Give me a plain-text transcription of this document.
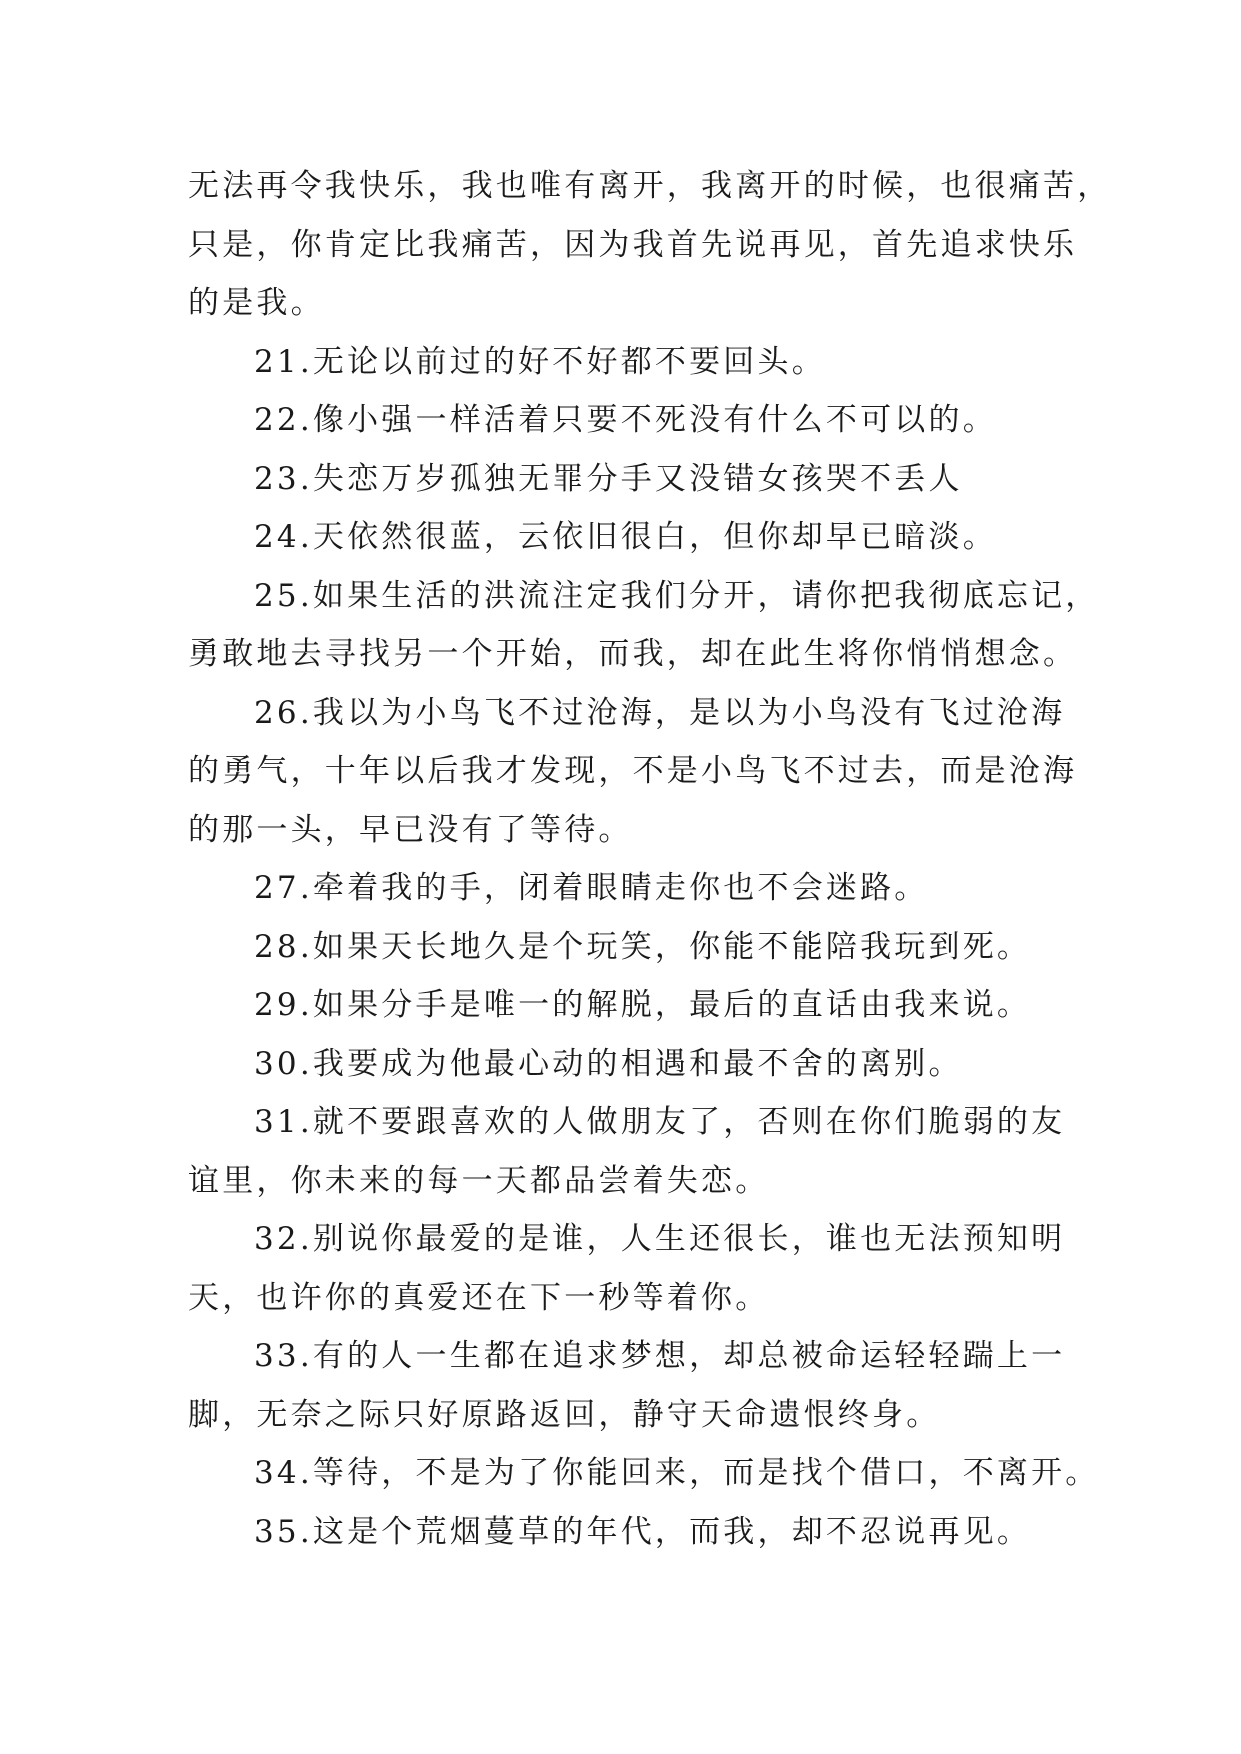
无法再令我快乐，我也唯有离开，我离开的时候，也很痛苦，

只是，你肯定比我痛苦，因为我首先说再见，首先追求快乐

的是我。

21.无论以前过的好不好都不要回头。

22.像小强一样活着只要不死没有什么不可以的。

23.失恋万岁孤独无罪分手又没错女孩哭不丢人

24.天依然很蓝，云依旧很白，但你却早已暗淡。

25.如果生活的洪流注定我们分开，请你把我彻底忘记，

勇敢地去寻找另一个开始，而我，却在此生将你悄悄想念。

26.我以为小鸟飞不过沧海，是以为小鸟没有飞过沧海

的勇气，十年以后我才发现，不是小鸟飞不过去，而是沧海

的那一头，早已没有了等待。

27.牵着我的手，闭着眼睛走你也不会迷路。

28.如果天长地久是个玩笑，你能不能陪我玩到死。

29.如果分手是唯一的解脱，最后的直话由我来说。

30.我要成为他最心动的相遇和最不舍的离别。

31.就不要跟喜欢的人做朋友了，否则在你们脆弱的友

谊里，你未来的每一天都品尝着失恋。

32.别说你最爱的是谁，人生还很长，谁也无法预知明

天，也许你的真爱还在下一秒等着你。

33.有的人一生都在追求梦想，却总被命运轻轻踹上一

脚，无奈之际只好原路返回，静守天命遗恨终身。

34.等待，不是为了你能回来，而是找个借口，不离开。

35.这是个荒烟蔓草的年代，而我，却不忍说再见。
